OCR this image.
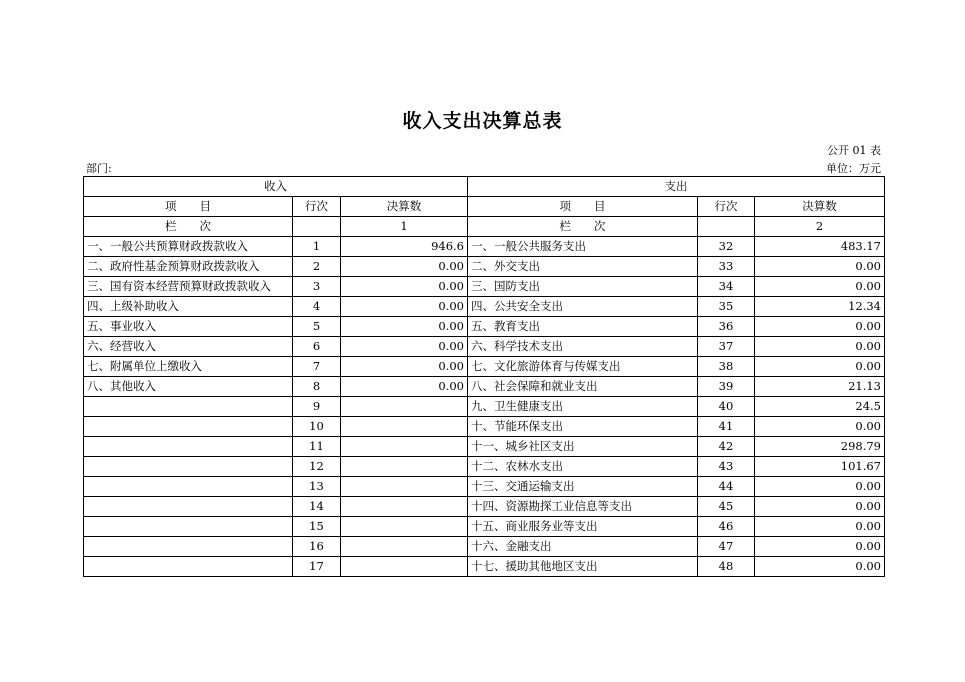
收入支出决算总表
公开 01 表
部门:	单位：万元
收入			支出		
项　　目	行次	决算数	项　　目	行次	决算数
栏　　次		1	栏　　次		2
一、一般公共预算财政拨款收入	1	946.6	一、一般公共服务支出	32	483.17
二、政府性基金预算财政拨款收入	2	0.00	二、外交支出	33	0.00
三、国有资本经营预算财政拨款收入	3	0.00	三、国防支出	34	0.00
四、上级补助收入	4	0.00	四、公共安全支出	35	12.34
五、事业收入	5	0.00	五、教育支出	36	0.00
六、经营收入	6	0.00	六、科学技术支出	37	0.00
七、附属单位上缴收入	7	0.00	七、文化旅游体育与传媒支出	38	0.00
八、其他收入	8	0.00	八、社会保障和就业支出	39	21.13
	9		九、卫生健康支出	40	24.5
	10		十、节能环保支出	41	0.00
	11		十一、城乡社区支出	42	298.79
	12		十二、农林水支出	43	101.67
	13		十三、交通运输支出	44	0.00
	14		十四、资源勘探工业信息等支出	45	0.00
	15		十五、商业服务业等支出	46	0.00
	16		十六、金融支出	47	0.00
	17		十七、援助其他地区支出	48	0.00
